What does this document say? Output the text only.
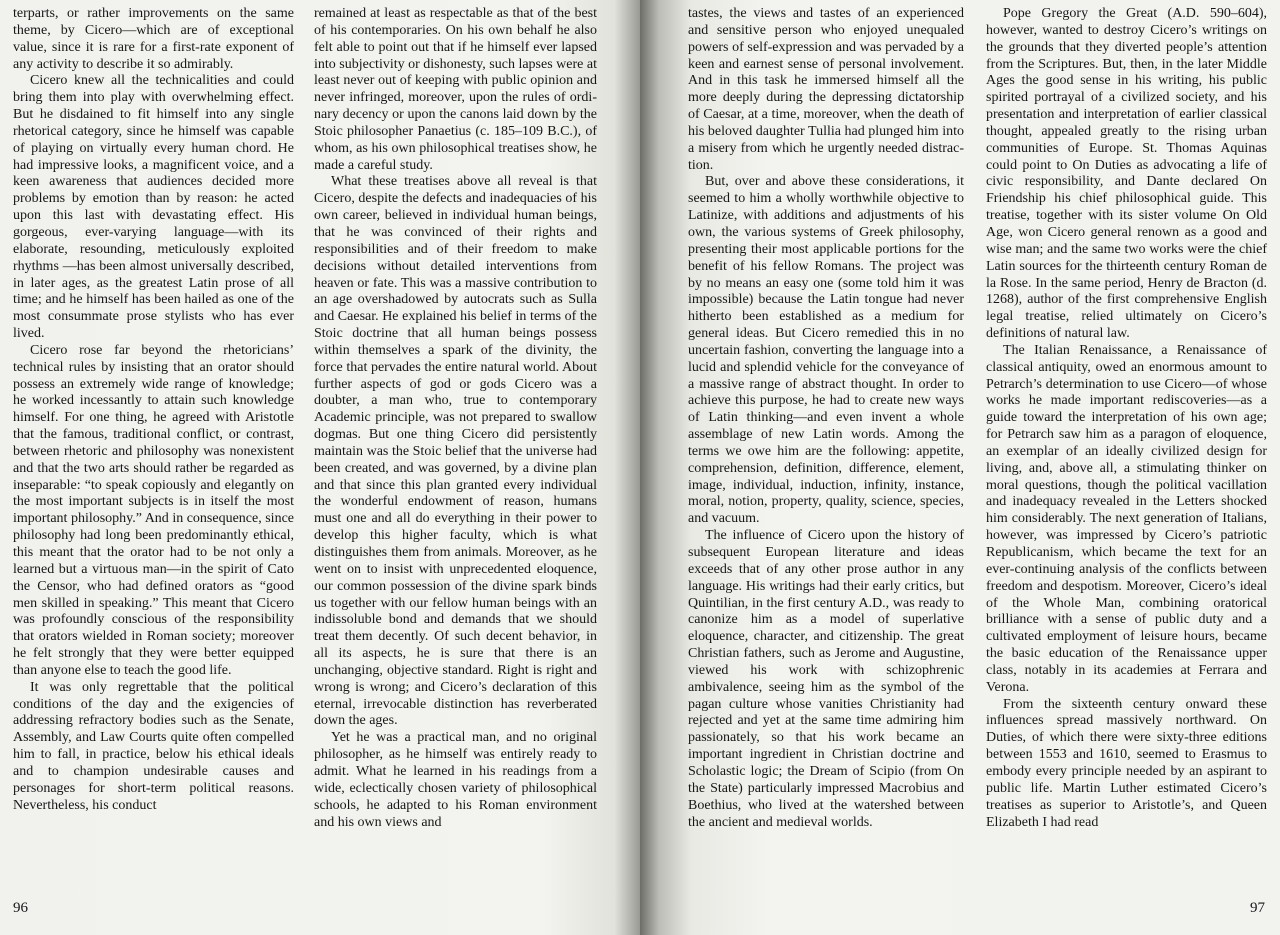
terparts, or rather improvements on the same theme, by Cicero—which are of exceptional value, since it is rare for a first-rate exponent of any activity to describe it so admirably.

Cicero knew all the technicalities and could bring them into play with overwhelming effect. But he disdained to fit himself into any single rhetorical category, since he himself was capable of playing on virtually every human chord. He had impressive looks, a magnificent voice, and a keen awareness that audiences decided more problems by emotion than by reason: he acted upon this last with devastating effect. His gorgeous, ever-varying language—with its elaborate, resounding, meticulously exploited rhythms —has been almost universally described, in later ages, as the greatest Latin prose of all time; and he himself has been hailed as one of the most consummate prose stylists who has ever lived.

Cicero rose far beyond the rhetoricians’ technical rules by insisting that an orator should possess an extremely wide range of knowledge; he worked incessantly to attain such knowledge himself. For one thing, he agreed with Aristotle that the famous, traditional conflict, or contrast, between rhetoric and philosophy was nonexistent and that the two arts should rather be regarded as inseparable: “to speak copiously and elegantly on the most important subjects is in itself the most important philosophy.” And in consequence, since philosophy had long been predominantly ethical, this meant that the orator had to be not only a learned but a virtuous man—in the spirit of Cato the Censor, who had defined orators as “good men skilled in speaking.” This meant that Cicero was profoundly conscious of the responsibility that orators wielded in Roman society; moreover he felt strongly that they were better equipped than anyone else to teach the good life.

It was only regrettable that the political conditions of the day and the exigencies of addressing refractory bodies such as the Senate, Assembly, and Law Courts quite often compelled him to fall, in practice, below his ethical ideals and to champion undesirable causes and personages for short-term political reasons. Nevertheless, his conduct

remained at least as respectable as that of the best of his contemporaries. On his own behalf he also felt able to point out that if he himself ever lapsed into subjectivity or dishonesty, such lapses were at least never out of keeping with public opinion and never infringed, moreover, upon the rules of ordinary decency or upon the canons laid down by the Stoic philosopher Panaetius (c. 185–109 B.C.), of whom, as his own philosophical treatises show, he made a careful study.

What these treatises above all reveal is that Cicero, despite the defects and inadequacies of his own career, believed in individual human beings, that he was convinced of their rights and responsibilities and of their freedom to make decisions without detailed interventions from heaven or fate. This was a massive contribution to an age overshadowed by autocrats such as Sulla and Caesar. He explained his belief in terms of the Stoic doctrine that all human beings possess within themselves a spark of the divinity, the force that pervades the entire natural world. About further aspects of god or gods Cicero was a doubter, a man who, true to contemporary Academic principle, was not prepared to swallow dogmas. But one thing Cicero did persistently maintain was the Stoic belief that the universe had been created, and was governed, by a divine plan and that since this plan granted every individual the wonderful endowment of reason, humans must one and all do everything in their power to develop this higher faculty, which is what distinguishes them from animals. Moreover, as he went on to insist with unprecedented eloquence, our common possession of the divine spark binds us together with our fellow human beings with an indissoluble bond and demands that we should treat them decently. Of such decent behavior, in all its aspects, he is sure that there is an unchanging, objective standard. Right is right and wrong is wrong; and Cicero’s declaration of this eternal, irrevocable distinction has reverberated down the ages.

Yet he was a practical man, and no original philosopher, as he himself was entirely ready to admit. What he learned in his readings from a wide, eclectically chosen variety of philosophical schools, he adapted to his Roman environment and his own views and

96

tastes, the views and tastes of an experienced and sensitive person who enjoyed unequaled powers of self-expression and was pervaded by a keen and earnest sense of personal involvement. And in this task he immersed himself all the more deeply during the depressing dictatorship of Caesar, at a time, moreover, when the death of his beloved daughter Tullia had plunged him into a misery from which he urgently needed distraction.

But, over and above these considerations, it seemed to him a wholly worthwhile objective to Latinize, with additions and adjustments of his own, the various systems of Greek philosophy, presenting their most applicable portions for the benefit of his fellow Romans. The project was by no means an easy one (some told him it was impossible) because the Latin tongue had never hitherto been established as a medium for general ideas. But Cicero remedied this in no uncertain fashion, converting the language into a lucid and splendid vehicle for the conveyance of a massive range of abstract thought. In order to achieve this purpose, he had to create new ways of Latin thinking—and even invent a whole assemblage of new Latin words. Among the terms we owe him are the following: appetite, comprehension, definition, difference, element, image, individual, induction, infinity, instance, moral, notion, property, quality, science, species, and vacuum.

The influence of Cicero upon the history of subsequent European literature and ideas exceeds that of any other prose author in any language. His writings had their early critics, but Quintilian, in the first century A.D., was ready to canonize him as a model of superlative eloquence, character, and citizenship. The great Christian fathers, such as Jerome and Augustine, viewed his work with schizophrenic ambivalence, seeing him as the symbol of the pagan culture whose vanities Christianity had rejected and yet at the same time admiring him passionately, so that his work became an important ingredient in Christian doctrine and Scholastic logic; the Dream of Scipio (from On the State) particularly impressed Macrobius and Boethius, who lived at the watershed between the ancient and medieval worlds.

Pope Gregory the Great (A.D. 590–604), however, wanted to destroy Cicero’s writings on the grounds that they diverted people’s attention from the Scriptures. But, then, in the later Middle Ages the good sense in his writing, his public spirited portrayal of a civilized society, and his presentation and interpretation of earlier classical thought, appealed greatly to the rising urban communities of Europe. St. Thomas Aquinas could point to On Duties as advocating a life of civic responsibility, and Dante declared On Friendship his chief philosophical guide. This treatise, together with its sister volume On Old Age, won Cicero general renown as a good and wise man; and the same two works were the chief Latin sources for the thirteenth century Roman de la Rose. In the same period, Henry de Bracton (d. 1268), author of the first comprehensive English legal treatise, relied ultimately on Cicero’s definitions of natural law.

The Italian Renaissance, a Renaissance of classical antiquity, owed an enormous amount to Petrarch’s determination to use Cicero—of whose works he made important rediscoveries—as a guide toward the interpretation of his own age; for Petrarch saw him as a paragon of eloquence, an exemplar of an ideally civilized design for living, and, above all, a stimulating thinker on moral questions, though the political vacillation and inadequacy revealed in the Letters shocked him considerably. The next generation of Italians, however, was impressed by Cicero’s patriotic Republicanism, which became the text for an ever-continuing analysis of the conflicts between freedom and despotism. Moreover, Cicero’s ideal of the Whole Man, combining oratorical brilliance with a sense of public duty and a cultivated employment of leisure hours, became the basic education of the Renaissance upper class, notably in its academies at Ferrara and Verona.

From the sixteenth century onward these influences spread massively northward. On Duties, of which there were sixty-three editions between 1553 and 1610, seemed to Erasmus to embody every principle needed by an aspirant to public life. Martin Luther estimated Cicero’s treatises as superior to Aristotle’s, and Queen Elizabeth I had read

97
